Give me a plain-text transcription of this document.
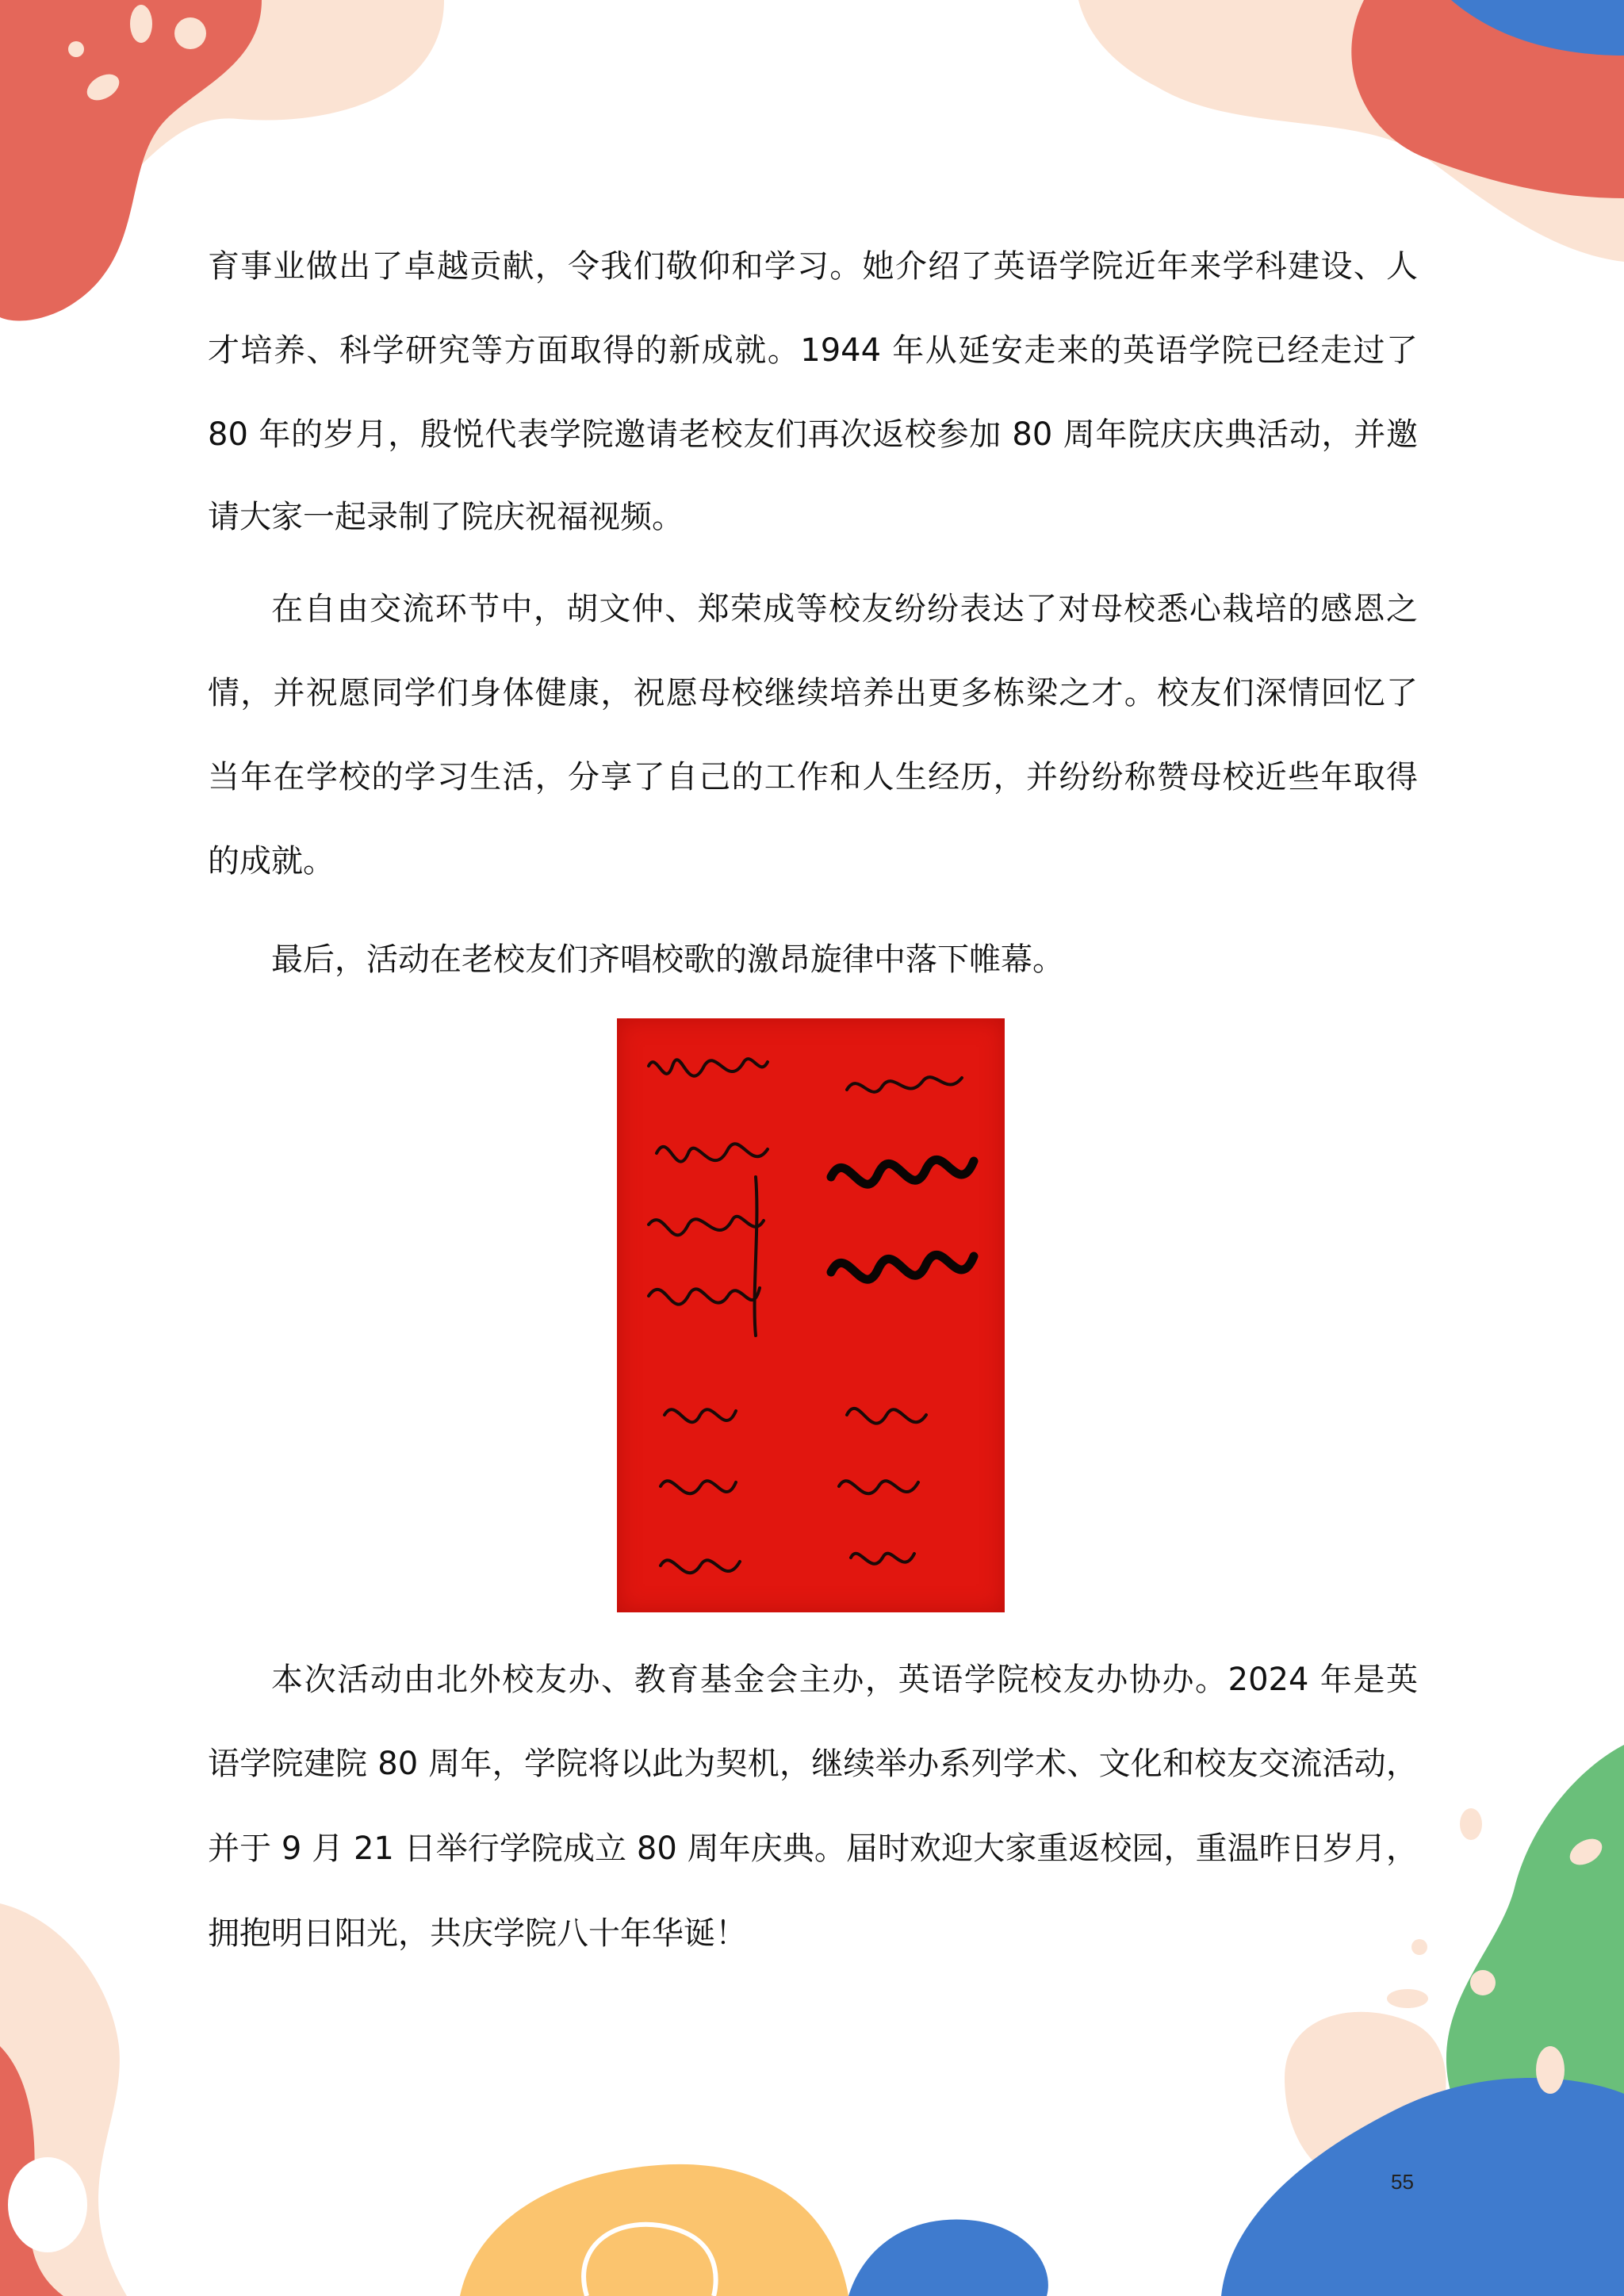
育事业做出了卓越贡献，令我们敬仰和学习。她介绍了英语学院近年来学科建设、人
才培养、科学研究等方面取得的新成就。1944 年从延安走来的英语学院已经走过了
80 年的岁月，殷悦代表学院邀请老校友们再次返校参加 80 周年院庆庆典活动，并邀
请大家一起录制了院庆祝福视频。
在自由交流环节中，胡文仲、郑荣成等校友纷纷表达了对母校悉心栽培的感恩之
情，并祝愿同学们身体健康，祝愿母校继续培养出更多栋梁之才。校友们深情回忆了
当年在学校的学习生活，分享了自己的工作和人生经历，并纷纷称赞母校近些年取得
的成就。
最后，活动在老校友们齐唱校歌的激昂旋律中落下帷幕。
本次活动由北外校友办、教育基金会主办，英语学院校友办协办。2024 年是英
语学院建院 80 周年，学院将以此为契机，继续举办系列学术、文化和校友交流活动，
并于 9 月 21 日举行学院成立 80 周年庆典。届时欢迎大家重返校园，重温昨日岁月，
拥抱明日阳光，共庆学院八十年华诞！
55
